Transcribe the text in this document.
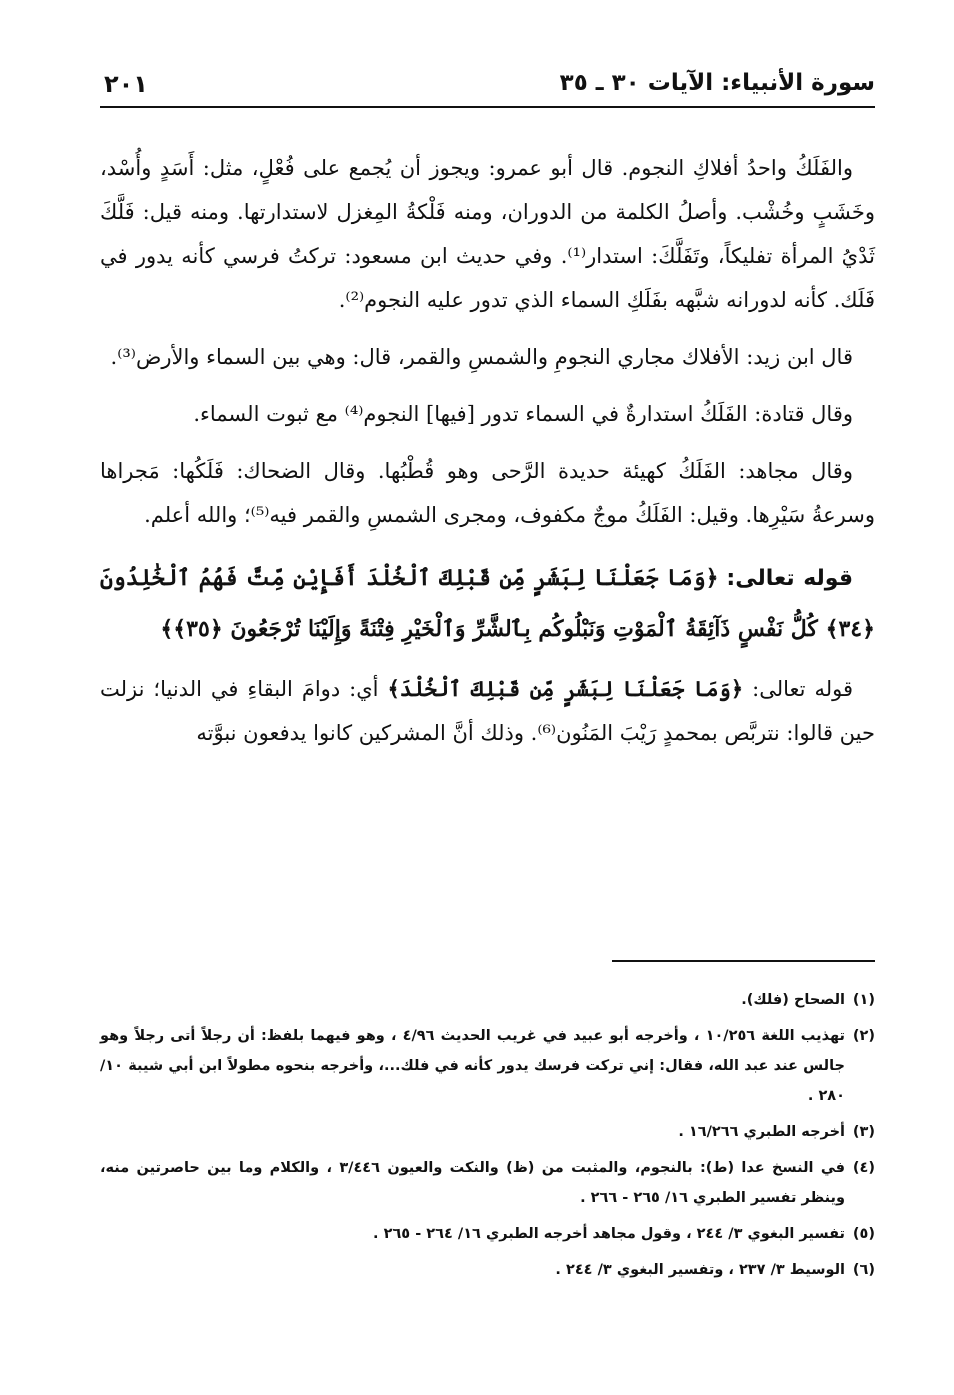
سورة الأنبياء: الآيات ٣٠ ـ ٣٥
٢٠١

والفَلَكُ واحدُ أفلاكِ النجوم. قال أبو عمرو: ويجوز أن يُجمع على فُعْلٍ، مثل: أَسَدٍ وأُسْد، وخَشَبٍ وخُشْب. وأصلُ الكلمة من الدوران، ومنه فَلْكةُ المِغزل لاستدارتها. ومنه قيل: فَلَّكَ ثَدْيُ المرأة تفليكاً، وتَفَلَّكَ: استدار⁽¹⁾. وفي حديث ابن مسعود: تركتُ فرسي كأنه يدور في فَلَك. كأنه لدورانه شبَّهه بفَلَكِ السماء الذي تدور عليه النجوم⁽²⁾.

قال ابن زيد: الأفلاك مجاري النجومِ والشمسِ والقمر، قال: وهي بين السماء والأرض⁽³⁾.

وقال قتادة: الفَلَكُ استدارةٌ في السماء تدور [فيها] النجوم⁽⁴⁾ مع ثبوت السماء.

وقال مجاهد: الفَلَكُ كهيئة حديدة الرَّحى وهو قُطْبُها. وقال الضحاك: فَلَكُها: مَجراها وسرعةُ سَيْرِها. وقيل: الفَلَكُ موجٌ مكفوف، ومجرى الشمسِ والقمر فيه⁽⁵⁾؛ والله أعلم.

قوله تعالى: ﴿وَمَا جَعَلْنَا لِبَشَرٍ مِّن قَبْلِكَ ٱلْخُلْدَ أَفَإِيْن مِّتَّ فَهُمُ ٱلْخَٰلِدُونَ ﴿٣٤﴾ كُلُّ نَفْسٍ ذَآئِقَةُ ٱلْمَوْتِ وَنَبْلُوكُم بِٱلشَّرِّ وَٱلْخَيْرِ فِتْنَةً وَإِلَيْنَا تُرْجَعُونَ ﴿٣٥﴾﴾

قوله تعالى: ﴿وَمَا جَعَلْنَا لِبَشَرٍ مِّن قَبْلِكَ ٱلْخُلْدَ﴾ أي: دوامَ البقاءِ في الدنيا؛ نزلت حين قالوا: نتربَّص بمحمدٍ رَيْبَ المَنُون⁽⁶⁾. وذلك أنَّ المشركين كانوا يدفعون نبوَّته

(١)
الصحاح (فلك).

(٢)
تهذيب اللغة ١٠/٢٥٦ ، وأخرجه أبو عبيد في غريب الحديث ٤/٩٦ ، وهو فيهما بلفظ: أن رجلاً أتى رجلاً وهو جالس عند عبد الله، فقال: إني تركت فرسك يدور كأنه في فلك...، وأخرجه بنحوه مطولاً ابن أبي شيبة ١٠/ ٢٨٠ .

(٣)
أخرجه الطبري ١٦/٢٦٦ .

(٤)
في النسخ عدا (ط): بالنجوم، والمثبت من (ظ) والنكت والعيون ٣/٤٤٦ ، والكلام وما بين حاصرتين منه، وينظر تفسير الطبري ١٦/ ٢٦٥ - ٢٦٦ .

(٥)
تفسير البغوي ٣/ ٢٤٤ ، وقول مجاهد أخرجه الطبري ١٦/ ٢٦٤ - ٢٦٥ .

(٦)
الوسيط ٣/ ٢٣٧ ، وتفسير البغوي ٣/ ٢٤٤ .
